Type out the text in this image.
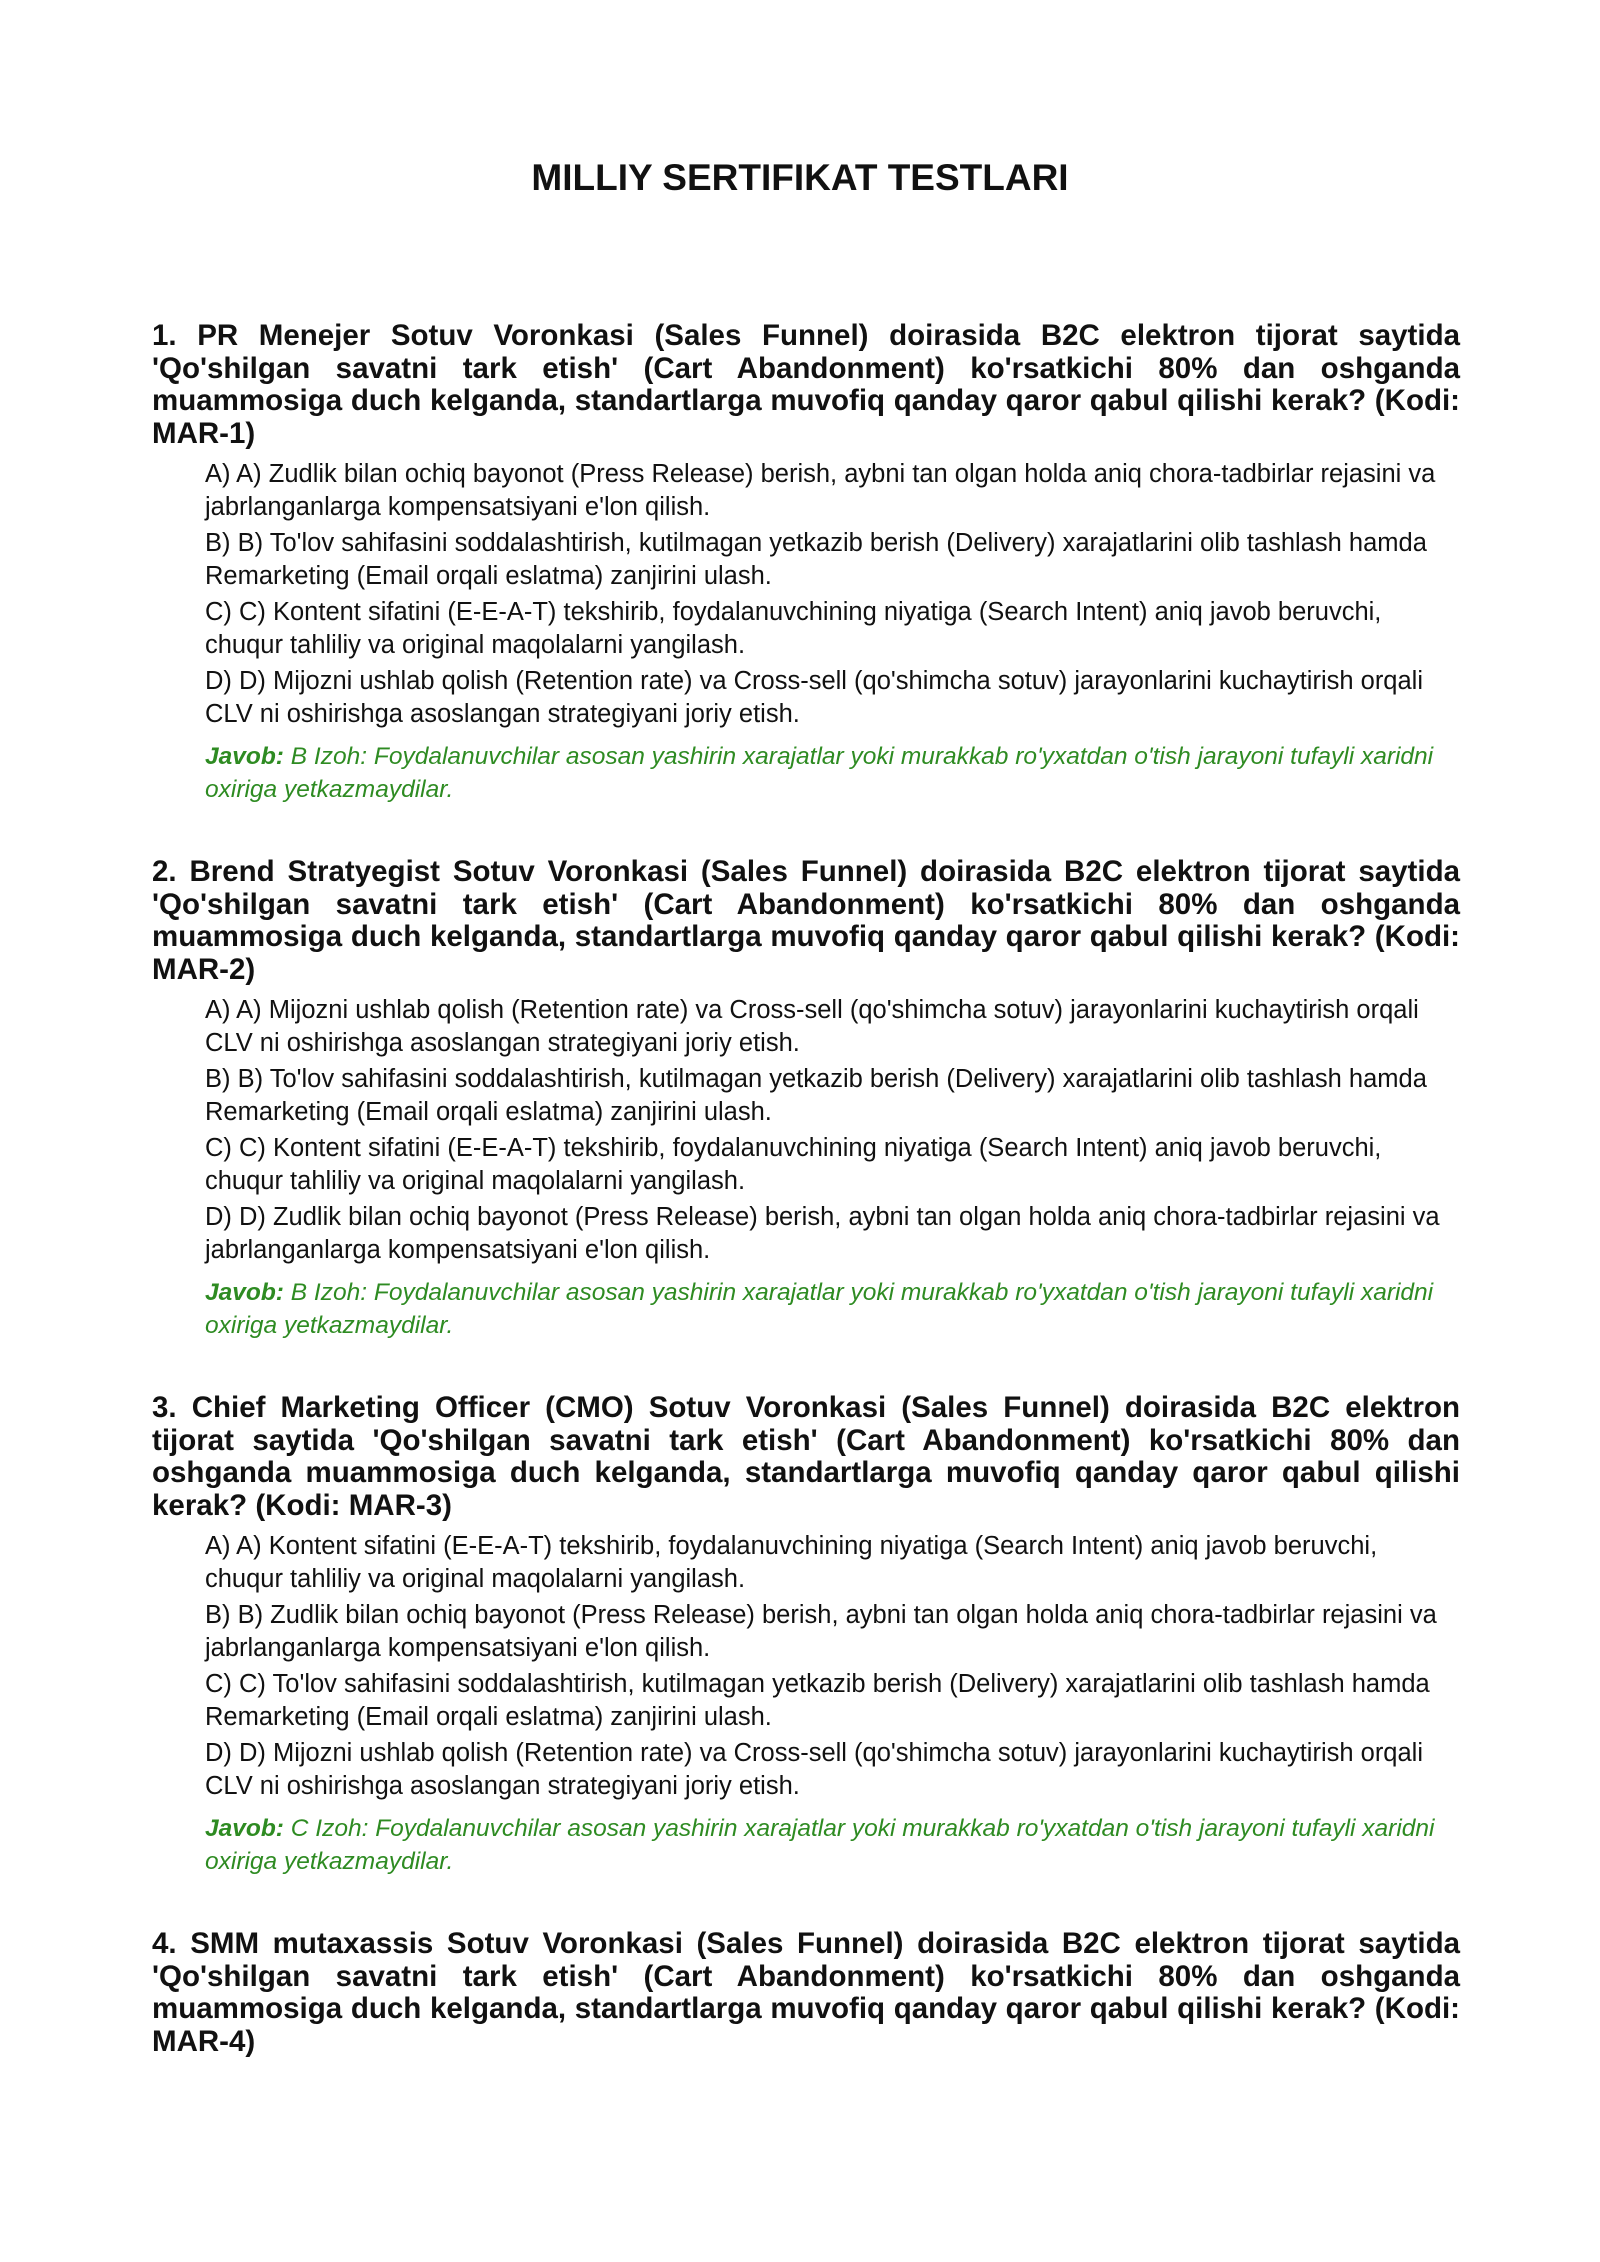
MILLIY SERTIFIKAT TESTLARI
1. PR Menejer Sotuv Voronkasi (Sales Funnel) doirasida B2C elektron tijorat saytida 'Qo'shilgan savatni tark etish' (Cart Abandonment) ko'rsatkichi 80% dan oshganda muammosiga duch kelganda, standartlarga muvofiq qanday qaror qabul qilishi kerak? (Kodi: MAR-1)
A) A) Zudlik bilan ochiq bayonot (Press Release) berish, aybni tan olgan holda aniq chora-tadbirlar rejasini va jabrlanganlarga kompensatsiyani e'lon qilish.
B) B) To'lov sahifasini soddalashtirish, kutilmagan yetkazib berish (Delivery) xarajatlarini olib tashlash hamda Remarketing (Email orqali eslatma) zanjirini ulash.
C) C) Kontent sifatini (E-E-A-T) tekshirib, foydalanuvchining niyatiga (Search Intent) aniq javob beruvchi, chuqur tahliliy va original maqolalarni yangilash.
D) D) Mijozni ushlab qolish (Retention rate) va Cross-sell (qo'shimcha sotuv) jarayonlarini kuchaytirish orqali CLV ni oshirishga asoslangan strategiyani joriy etish.
Javob: B Izoh: Foydalanuvchilar asosan yashirin xarajatlar yoki murakkab ro'yxatdan o'tish jarayoni tufayli xaridni oxiriga yetkazmaydilar.
2. Brend Stratyegist Sotuv Voronkasi (Sales Funnel) doirasida B2C elektron tijorat saytida 'Qo'shilgan savatni tark etish' (Cart Abandonment) ko'rsatkichi 80% dan oshganda muammosiga duch kelganda, standartlarga muvofiq qanday qaror qabul qilishi kerak? (Kodi: MAR-2)
A) A) Mijozni ushlab qolish (Retention rate) va Cross-sell (qo'shimcha sotuv) jarayonlarini kuchaytirish orqali CLV ni oshirishga asoslangan strategiyani joriy etish.
B) B) To'lov sahifasini soddalashtirish, kutilmagan yetkazib berish (Delivery) xarajatlarini olib tashlash hamda Remarketing (Email orqali eslatma) zanjirini ulash.
C) C) Kontent sifatini (E-E-A-T) tekshirib, foydalanuvchining niyatiga (Search Intent) aniq javob beruvchi, chuqur tahliliy va original maqolalarni yangilash.
D) D) Zudlik bilan ochiq bayonot (Press Release) berish, aybni tan olgan holda aniq chora-tadbirlar rejasini va jabrlanganlarga kompensatsiyani e'lon qilish.
Javob: B Izoh: Foydalanuvchilar asosan yashirin xarajatlar yoki murakkab ro'yxatdan o'tish jarayoni tufayli xaridni oxiriga yetkazmaydilar.
3. Chief Marketing Officer (CMO) Sotuv Voronkasi (Sales Funnel) doirasida B2C elektron tijorat saytida 'Qo'shilgan savatni tark etish' (Cart Abandonment) ko'rsatkichi 80% dan oshganda muammosiga duch kelganda, standartlarga muvofiq qanday qaror qabul qilishi kerak? (Kodi: MAR-3)
A) A) Kontent sifatini (E-E-A-T) tekshirib, foydalanuvchining niyatiga (Search Intent) aniq javob beruvchi, chuqur tahliliy va original maqolalarni yangilash.
B) B) Zudlik bilan ochiq bayonot (Press Release) berish, aybni tan olgan holda aniq chora-tadbirlar rejasini va jabrlanganlarga kompensatsiyani e'lon qilish.
C) C) To'lov sahifasini soddalashtirish, kutilmagan yetkazib berish (Delivery) xarajatlarini olib tashlash hamda Remarketing (Email orqali eslatma) zanjirini ulash.
D) D) Mijozni ushlab qolish (Retention rate) va Cross-sell (qo'shimcha sotuv) jarayonlarini kuchaytirish orqali CLV ni oshirishga asoslangan strategiyani joriy etish.
Javob: C Izoh: Foydalanuvchilar asosan yashirin xarajatlar yoki murakkab ro'yxatdan o'tish jarayoni tufayli xaridni oxiriga yetkazmaydilar.
4. SMM mutaxassis Sotuv Voronkasi (Sales Funnel) doirasida B2C elektron tijorat saytida 'Qo'shilgan savatni tark etish' (Cart Abandonment) ko'rsatkichi 80% dan oshganda muammosiga duch kelganda, standartlarga muvofiq qanday qaror qabul qilishi kerak? (Kodi: MAR-4)
